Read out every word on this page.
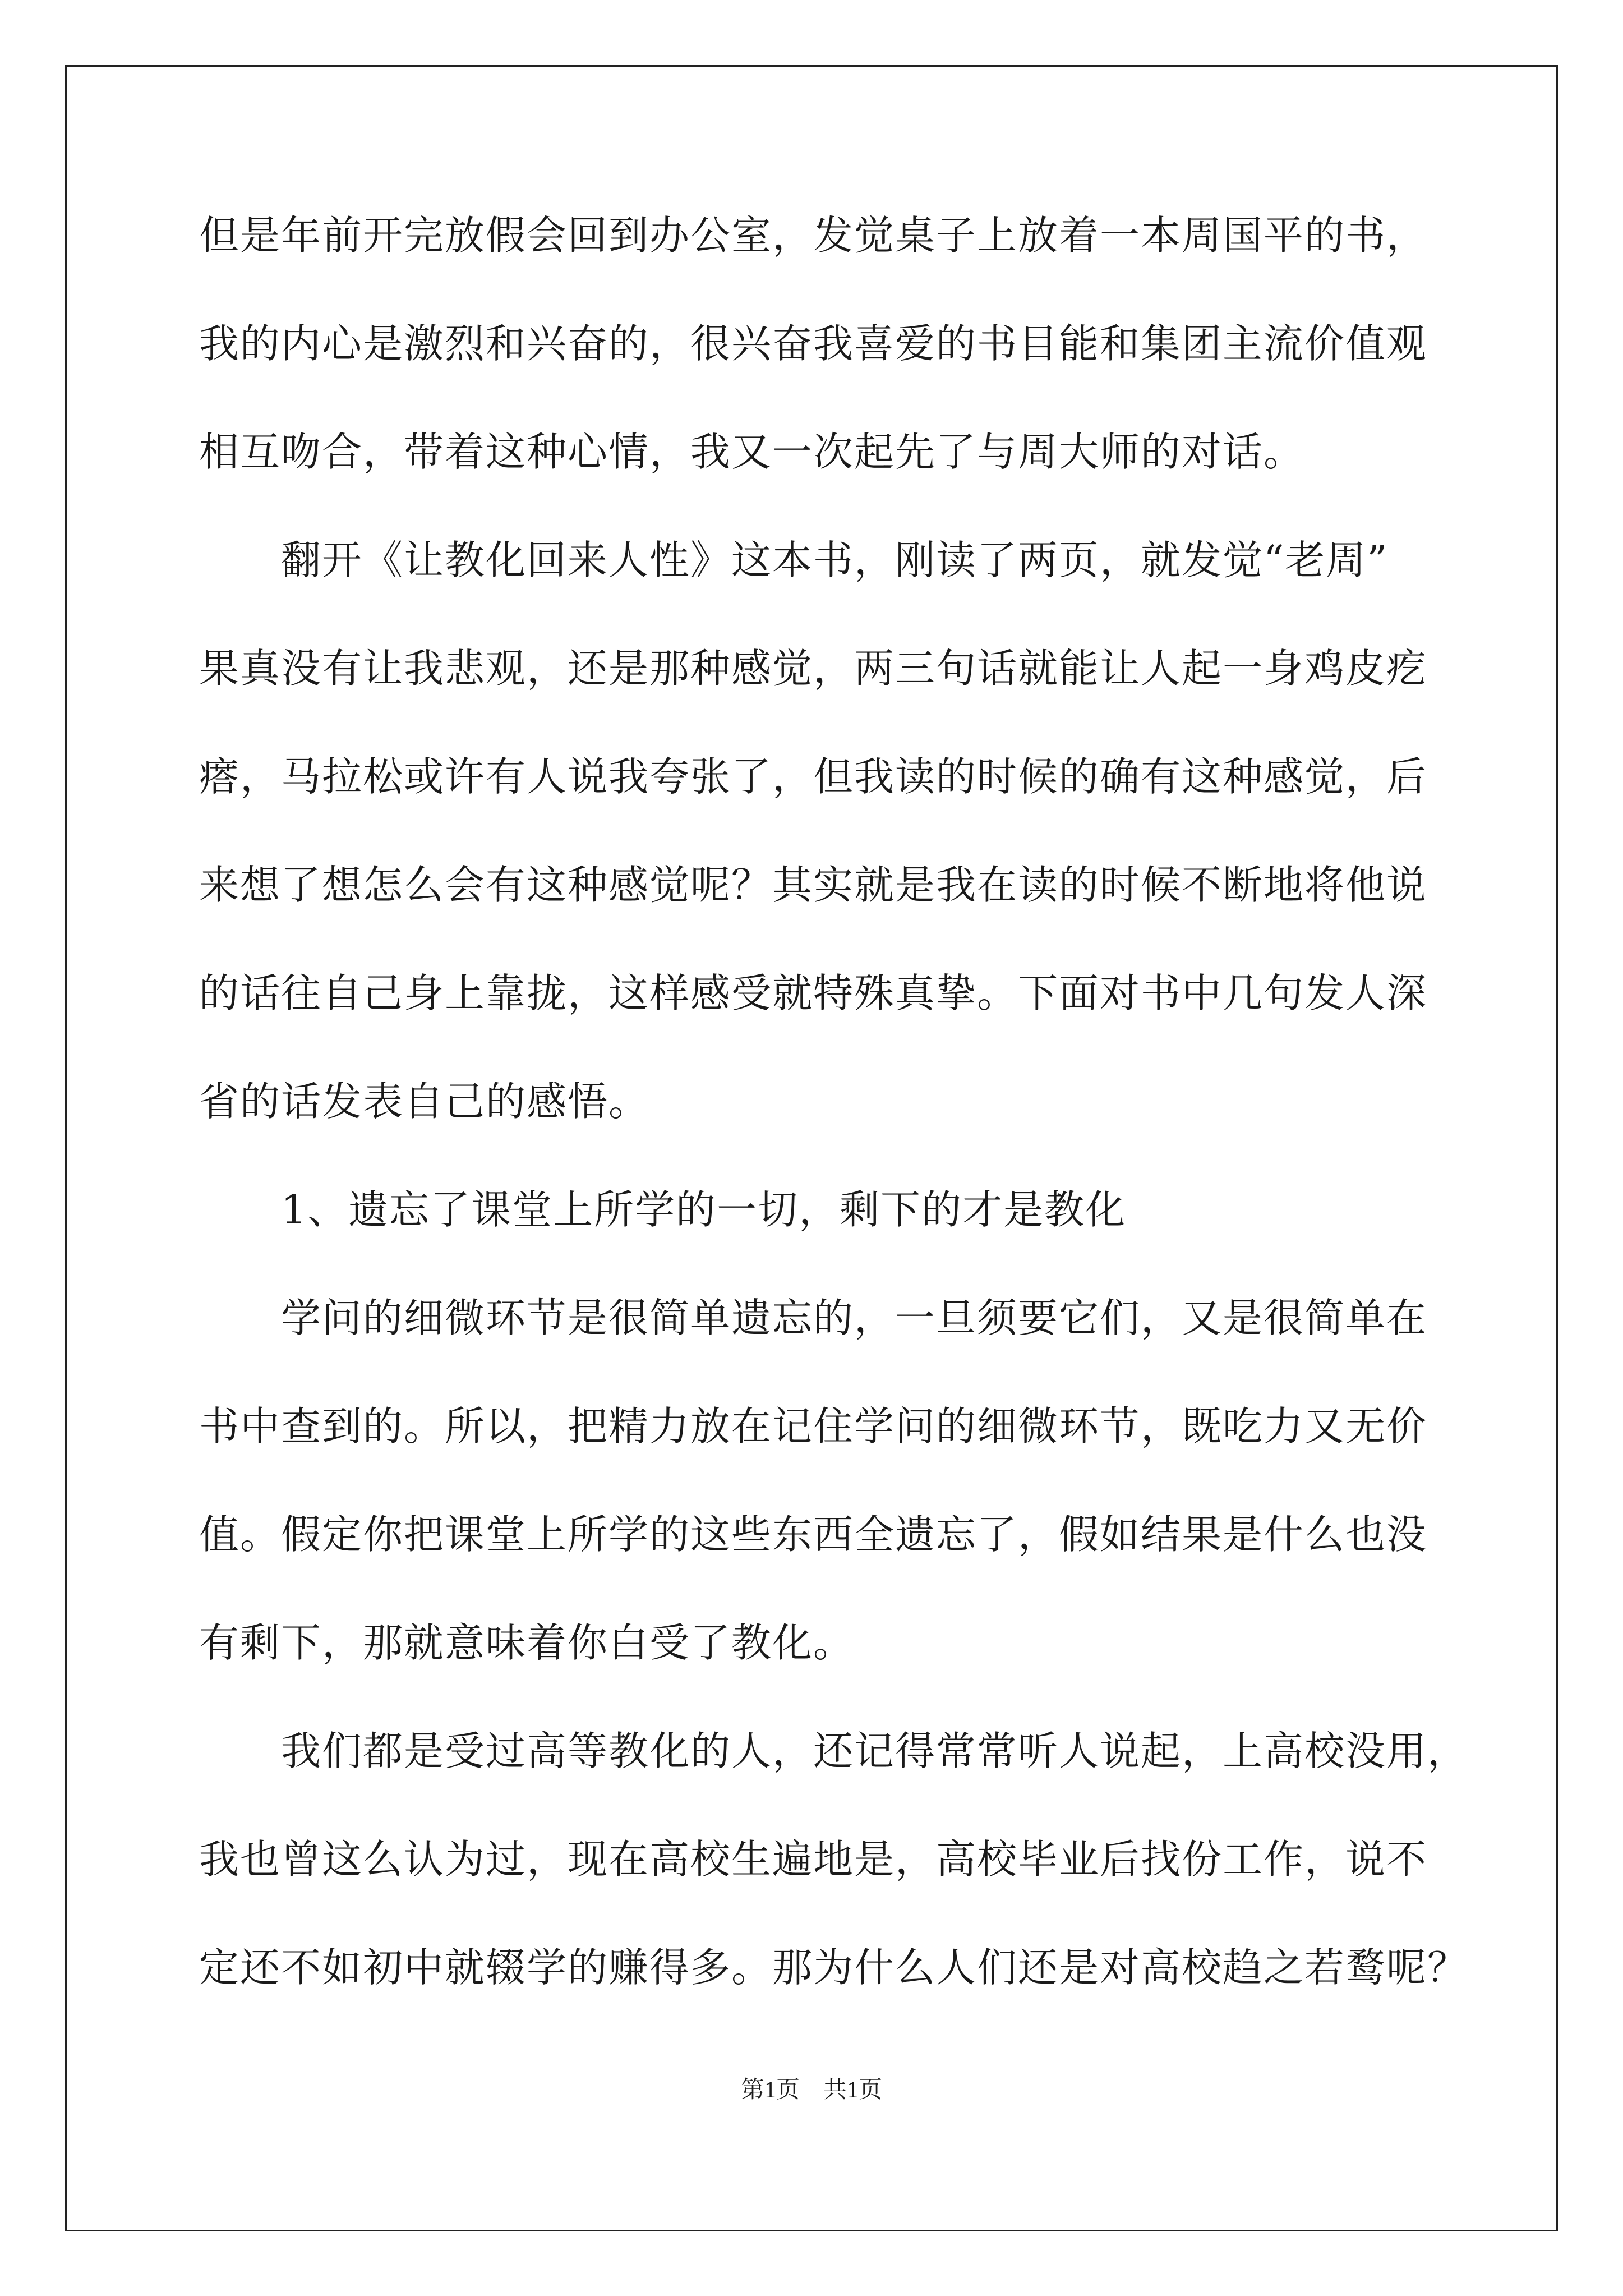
但是年前开完放假会回到办公室，发觉桌子上放着一本周国平的书，
我的内心是激烈和兴奋的，很兴奋我喜爱的书目能和集团主流价值观
相互吻合，带着这种心情，我又一次起先了与周大师的对话。
　　翻开《让教化回来人性》这本书，刚读了两页，就发觉“老周”
果真没有让我悲观，还是那种感觉，两三句话就能让人起一身鸡皮疙
瘩，马拉松或许有人说我夸张了，但我读的时候的确有这种感觉，后
来想了想怎么会有这种感觉呢？其实就是我在读的时候不断地将他说
的话往自己身上靠拢，这样感受就特殊真挚。下面对书中几句发人深
省的话发表自己的感悟。
　　1、遗忘了课堂上所学的一切，剩下的才是教化
　　学问的细微环节是很简单遗忘的，一旦须要它们，又是很简单在
书中查到的。所以，把精力放在记住学问的细微环节，既吃力又无价
值。假定你把课堂上所学的这些东西全遗忘了，假如结果是什么也没
有剩下，那就意味着你白受了教化。
　　我们都是受过高等教化的人，还记得常常听人说起，上高校没用，
我也曾这么认为过，现在高校生遍地是，高校毕业后找份工作，说不
定还不如初中就辍学的赚得多。那为什么人们还是对高校趋之若鹜呢？
第1页　共1页
